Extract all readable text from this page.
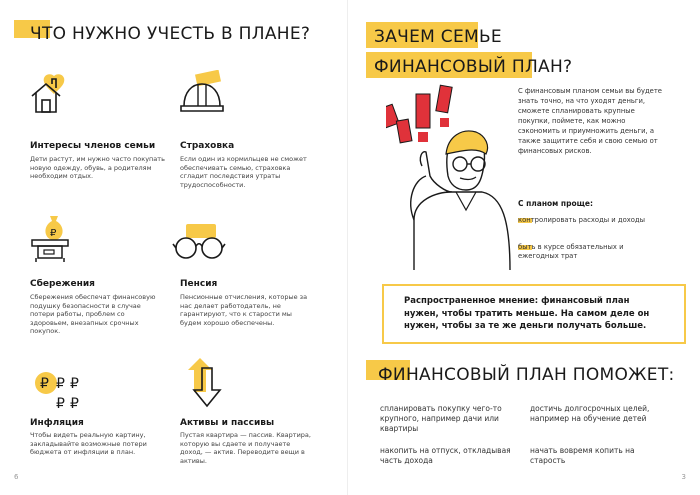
ЧТО НУЖНО УЧЕСТЬ В ПЛАНЕ?
Интересы членов семьи
Дети растут, им нужно часто покупать новую одежду, обувь, а родителям необходим отдых.
Страховка
Если один из кормильцев не сможет обеспечивать семью, страховка сгладит последствия утраты трудоспособности.
₽
Сбережения
Сбережения обеспечат финансовую подушку безопасности в случае потери работы, проблем со здоровьем, внезапных срочных покупок.
Пенсия
Пенсионные отчисления, которые за нас делает работодатель, не гарантируют, что к старости мы будем хорошо обеспечены.
₽ ₽ ₽
₽ ₽
Инфляция
Чтобы видеть реальную картину, закладывайте возможные потери бюджета от инфляции в план.
Активы и пассивы
Пустая квартира — пассив. Квартира, которую вы сдаете и получаете доход, — актив. Переводите вещи в активы.
6
ЗАЧЕМ СЕМЬЕ
ФИНАНСОВЫЙ ПЛАН?
С финансовым планом семьи вы будете знать точно, на что уходят деньги, сможете спланировать крупные покупки, поймете, как можно сэкономить и приумножить деньги, а также защитите себя и свою семью от финансовых рисков.
С планом проще:
контролировать расходы и доходы
быть в курсе обязательных и ежегодных трат
Распространенное мнение: финансовый план нужен, чтобы тратить меньше. На самом деле он нужен, чтобы за те же деньги получать больше.
ФИНАНСОВЫЙ ПЛАН ПОМОЖЕТ:
спланировать покупку чего-то крупного, например дачи или квартиры
достичь долгосрочных целей, например на обучение детей
накопить на отпуск, откладывая часть дохода
начать вовремя копить на старость
3
